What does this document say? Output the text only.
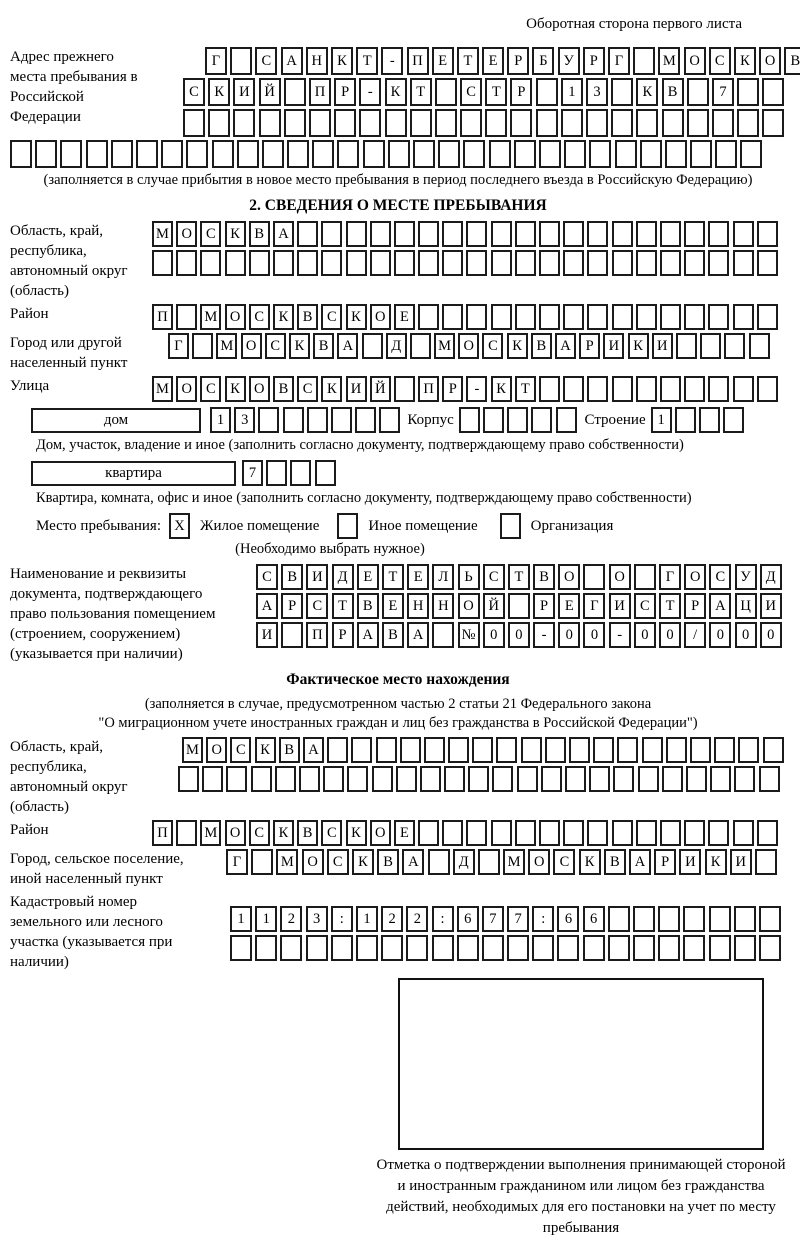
Оборотная сторона первого листа
Адрес прежнего места пребывания в Российской Федерации
Г	С	А	Н	К	Т	-	П	Е	Т	Е	Р	Б	У	Р	Г	М О	С	К	О	В
С	К	И	Й	П	Р	-	К	Т	С	Т	Р	1	3	К	В	7
(заполняется в случае прибытия в новое место пребывания в период последнего въезда в Российскую Федерацию)
2. СВЕДЕНИЯ О МЕСТЕ ПРЕБЫВАНИЯ
Область, край, республика, автономный округ (область)
М О С	К	В А
Район	П	М О С	К	В	С	К О	Е
Город или другой населенный пункт
Г	М О С	К	В А	Д	М О С	К	В А	Р	И К И
Улица	М О С	К О В	С	К И Й	П	Р	-	К	Т
дом	1	3	Корпус	Строение 1
Дом, участок, владение и иное (заполнить согласно документу, подтверждающему право собственности)
квартира	7
Квартира, комната, офис и иное (заполнить согласно документу, подтверждающему право собственности)
Место пребывания: X	Жилое помещение	Иное помещение	Организация
(Необходимо выбрать нужное)
Наименование и реквизиты документа, подтверждающего право пользования помещением (строением, сооружением) (указывается при наличии)
С	В	И	Д	Е	Т	Е	Л	Ь	С	Т	В	О	О	Г	О	С	У	Д
А	Р	С	Т	В	Е	Н	Н	О	Й	Р	Е	Г	И	С	Т	Р	А	Ц	И
И	П	Р	А	В	А	№	0	0	-	0	0	-	0	0	/	0	0	0
Фактическое место нахождения
(заполняется в случае, предусмотренном частью 2 статьи 21 Федерального закона
"О миграционном учете иностранных граждан и лиц без гражданства в Российской Федерации")
Область, край, республика, автономный округ (область)
М О С	К	В А
Район	П	М О С	К	В	С	К О	Е
Город, сельское поселение, иной населенный пункт
Г	М О	С	К	В	А	Д	М О	С	К	В	А	Р	И	К	И
Кадастровый номер земельного или лесного участка (указывается при наличии)
1	1	2	3	:	1	2	2	:	6	7	7	:	6	6
Отметка о подтверждении выполнения принимающей стороной и иностранным гражданином или лицом без гражданства действий, необходимых для его постановки на учет по месту пребывания
